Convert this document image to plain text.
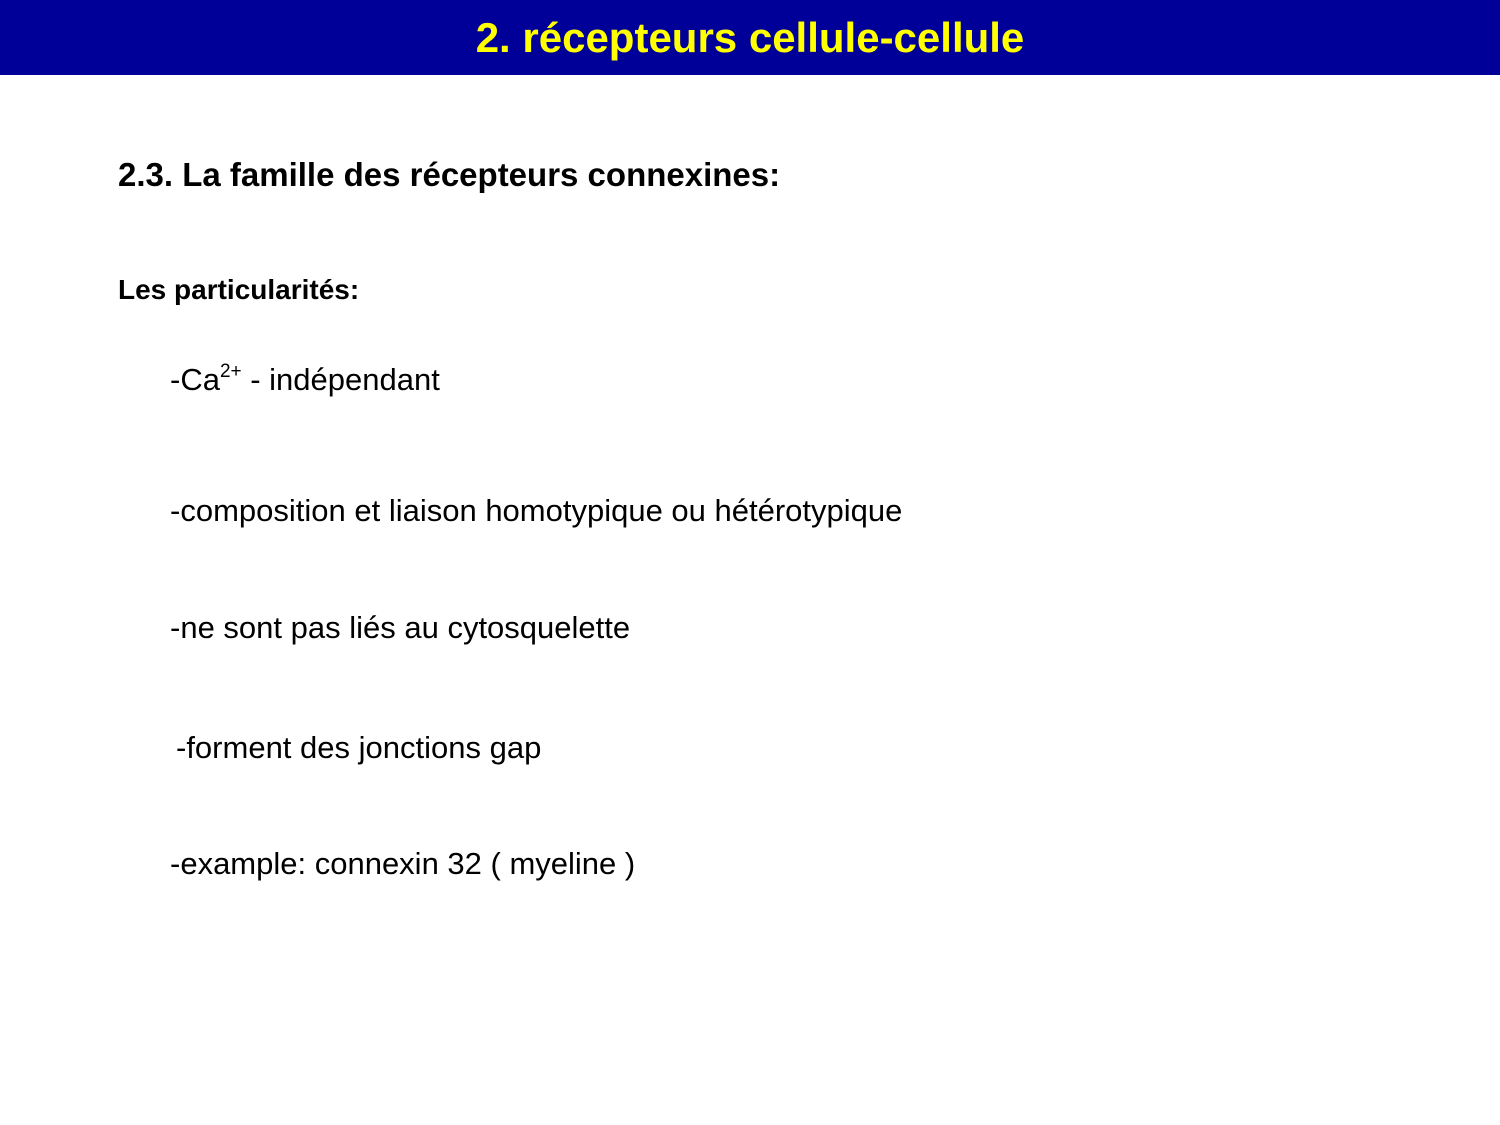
2. récepteurs cellule-cellule
2.3. La famille des récepteurs connexines:
Les particularités:
$-Ca^{2+}$ - indépendant
-composition et liaison homotypique ou hétérotypique
-ne sont pas liés au cytosquelette
-forment des jonctions gap
-example: connexin 32 ( myeline )
